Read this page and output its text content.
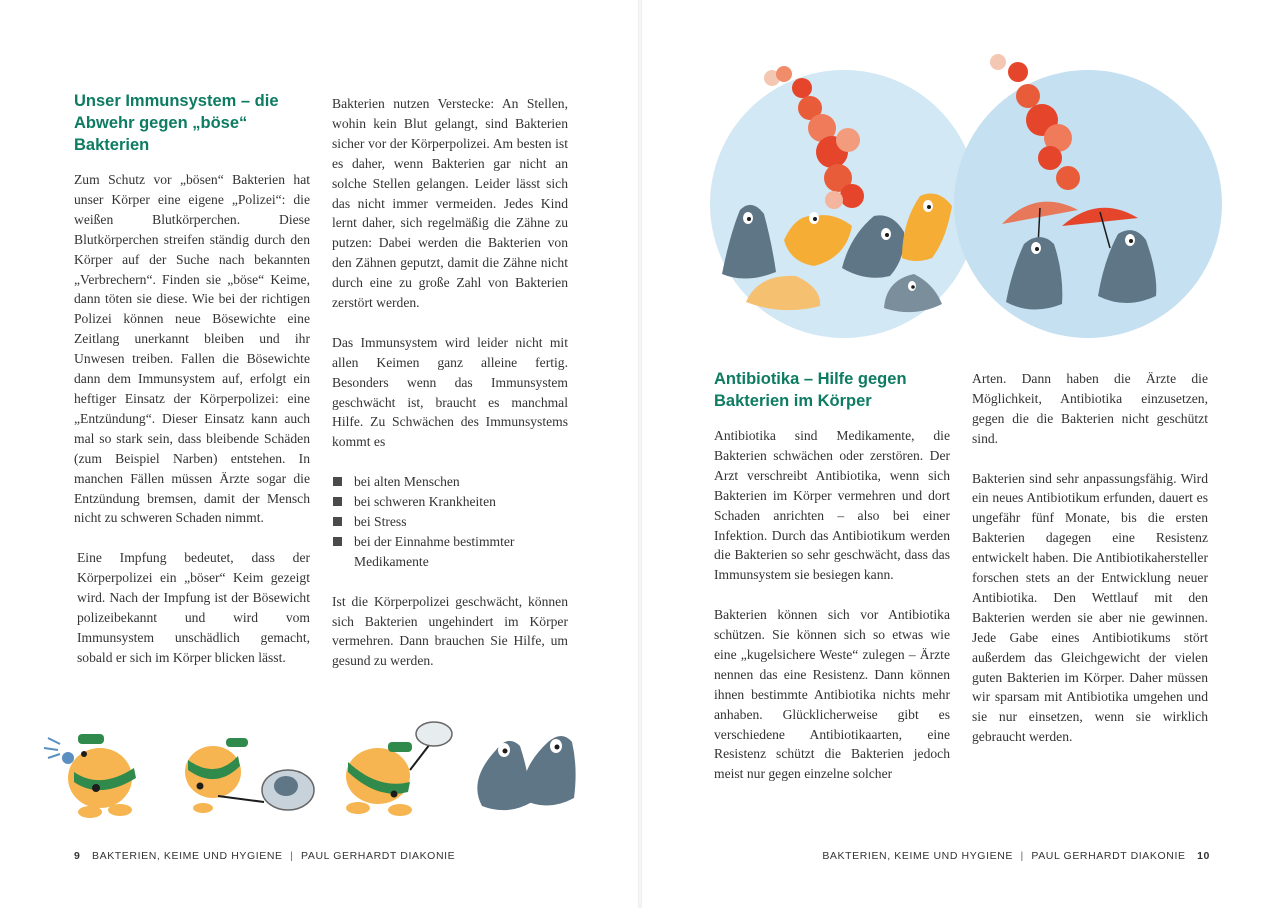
Unser Immunsystem – die Abwehr gegen „böse“ Bakterien

Zum Schutz vor „bösen“ Bakterien hat unser Körper eine eigene „Polizei“: die weißen Blutkörperchen. Diese Blutkörperchen streifen ständig durch den Körper auf der Suche nach bekannten „Verbrechern“. Finden sie „böse“ Keime, dann töten sie diese. Wie bei der richtigen Polizei können neue Bösewichte eine Zeitlang unerkannt bleiben und ihr Unwesen treiben. Fallen die Bösewichte dann dem Immunsystem auf, erfolgt ein heftiger Einsatz der Körperpolizei: eine „Entzündung“. Dieser Einsatz kann auch mal so stark sein, dass bleibende Schäden (zum Beispiel Narben) entstehen. In manchen Fällen müssen Ärzte sogar die Entzündung bremsen, damit der Mensch nicht zu schweren Schaden nimmt.

Eine Impfung bedeutet, dass der Körperpolizei ein „böser“ Keim gezeigt wird. Nach der Impfung ist der Bösewicht polizeibekannt und wird vom Immunsystem unschädlich gemacht, sobald er sich im Körper blicken lässt.

Bakterien nutzen Verstecke: An Stellen, wohin kein Blut gelangt, sind Bakterien sicher vor der Körperpolizei. Am besten ist es daher, wenn Bakterien gar nicht an solche Stellen gelangen. Leider lässt sich das nicht immer vermeiden. Jedes Kind lernt daher, sich regelmäßig die Zähne zu putzen: Dabei werden die Bakterien von den Zähnen geputzt, damit die Zähne nicht durch eine zu große Zahl von Bakterien zerstört werden.

Das Immunsystem wird leider nicht mit allen Keimen ganz alleine fertig. Besonders wenn das Immunsystem geschwächt ist, braucht es manchmal Hilfe. Zu Schwächen des Immunsystems kommt es

bei alten Menschen
bei schweren Krankheiten
bei Stress
bei der Einnahme bestimmter Medikamente

Ist die Körperpolizei geschwächt, können sich Bakterien ungehindert im Körper vermehren. Dann brauchen Sie Hilfe, um gesund zu werden.

9 BAKTERIEN, KEIME UND HYGIENE | PAUL GERHARDT DIAKONIE
Antibiotika – Hilfe gegen Bakterien im Körper

Antibiotika sind Medikamente, die Bakterien schwächen oder zerstören. Der Arzt verschreibt Antibiotika, wenn sich Bakterien im Körper vermehren und dort Schaden anrichten – also bei einer Infektion. Durch das Antibiotikum werden die Bakterien so sehr geschwächt, dass das Immunsystem sie besiegen kann.

Bakterien können sich vor Antibiotika schützen. Sie können sich so etwas wie eine „kugelsichere Weste“ zulegen – Ärzte nennen das eine Resistenz. Dann können ihnen bestimmte Antibiotika nichts mehr anhaben. Glücklicherweise gibt es verschiedene Antibiotikaarten, eine Resistenz schützt die Bakterien jedoch meist nur gegen einzelne solcher

Arten. Dann haben die Ärzte die Möglichkeit, Antibiotika einzusetzen, gegen die die Bakterien nicht geschützt sind.

Bakterien sind sehr anpassungsfähig. Wird ein neues Antibiotikum erfunden, dauert es ungefähr fünf Monate, bis die ersten Bakterien dagegen eine Resistenz entwickelt haben. Die Antibiotikahersteller forschen stets an der Entwicklung neuer Antibiotika. Den Wettlauf mit den Bakterien werden sie aber nie gewinnen. Jede Gabe eines Antibiotikums stört außerdem das Gleichgewicht der vielen guten Bakterien im Körper. Daher müssen wir sparsam mit Antibiotika umgehen und sie nur einsetzen, wenn sie wirklich gebraucht werden.

BAKTERIEN, KEIME UND HYGIENE | PAUL GERHARDT DIAKONIE 10
